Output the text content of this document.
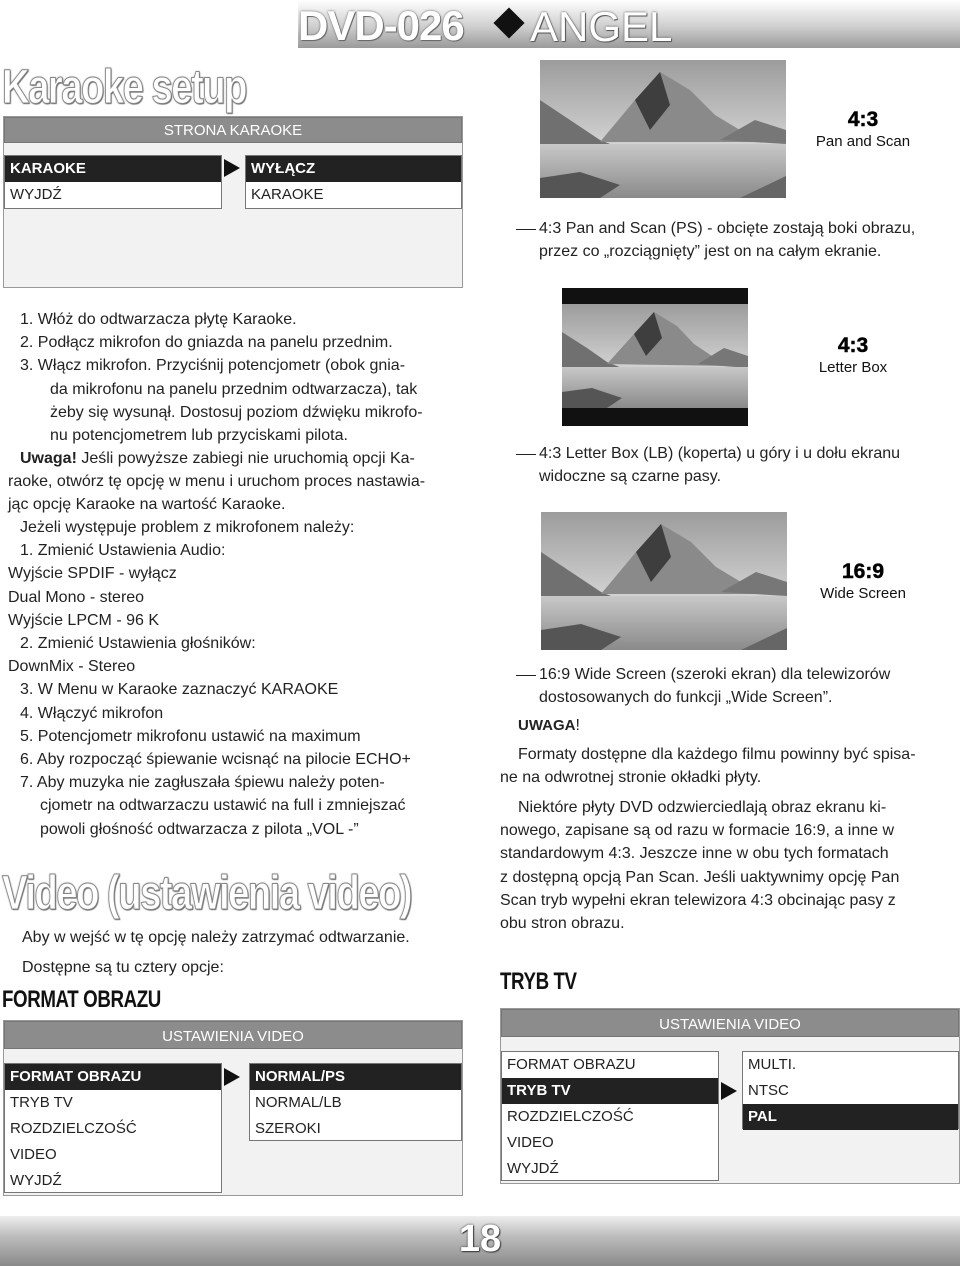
DVD-026 ANGEL
Karaoke setup
STRONA KARAOKE
KARAOKE
WYJDŹ
WYŁĄCZ
KARAOKE
1. Włóż do odtwarzacza płytę Karaoke.
2. Podłącz mikrofon do gniazda na panelu przednim.
3. Włącz mikrofon. Przyciśnij potencjometr (obok gnia-
da mikrofonu na panelu przednim odtwarzacza), tak
żeby się wysunął. Dostosuj poziom dźwięku mikrofo-
nu potencjometrem lub przyciskami pilota.
Uwaga! Jeśli powyższe zabiegi nie uruchomią opcji Ka-
raoke, otwórz tę opcję w menu i uruchom proces nastawia-
jąc opcję Karaoke na wartość Karaoke.
Jeżeli występuje problem z mikrofonem należy:
1. Zmienić Ustawienia Audio:
Wyjście SPDIF - wyłącz
Dual Mono - stereo
Wyjście LPCM - 96 K
2. Zmienić Ustawienia głośników:
DownMix - Stereo
3. W Menu w Karaoke zaznaczyć KARAOKE
4. Włączyć mikrofon
5. Potencjometr mikrofonu ustawić na maximum
6. Aby rozpocząć śpiewanie wcisnąć na pilocie ECHO+
7. Aby muzyka nie zagłuszała śpiewu należy poten-
cjometr na odtwarzaczu ustawić na full i zmniejszać
powoli głośność odtwarzacza z pilota „VOL -”
Video (ustawienia video)
Aby w wejść w tę opcję należy zatrzymać odtwarzanie.
Dostępne są tu cztery opcje:
FORMAT OBRAZU
USTAWIENIA VIDEO
FORMAT OBRAZU
TRYB TV
ROZDZIELCZOŚĆ
VIDEO
WYJDŹ
NORMAL/PS
NORMAL/LB
SZEROKI
4:3
Pan and Scan
4:3 Pan and Scan (PS) - obcięte zostają boki obrazu,
przez co „rozciągnięty” jest on na całym ekranie.
4:3
Letter Box
4:3 Letter Box (LB) (koperta) u góry i u dołu ekranu
widoczne są czarne pasy.
16:9
Wide Screen
16:9 Wide Screen (szeroki ekran) dla telewizorów
dostosowanych do funkcji „Wide Screen”.
UWAGA!
Formaty dostępne dla każdego filmu powinny być spisa-
ne na odwrotnej stronie okładki płyty.
Niektóre płyty DVD odzwierciedlają obraz ekranu ki-
nowego, zapisane są od razu w formacie 16:9, a inne w
standardowym 4:3. Jeszcze inne w obu tych formatach
z dostępną opcją Pan Scan. Jeśli uaktywnimy opcję Pan
Scan tryb wypełni ekran telewizora 4:3 obcinając pasy z
obu stron obrazu.
TRYB TV
USTAWIENIA VIDEO
FORMAT OBRAZU
TRYB TV
ROZDZIELCZOŚĆ
VIDEO
WYJDŹ
MULTI.
NTSC
PAL
18
